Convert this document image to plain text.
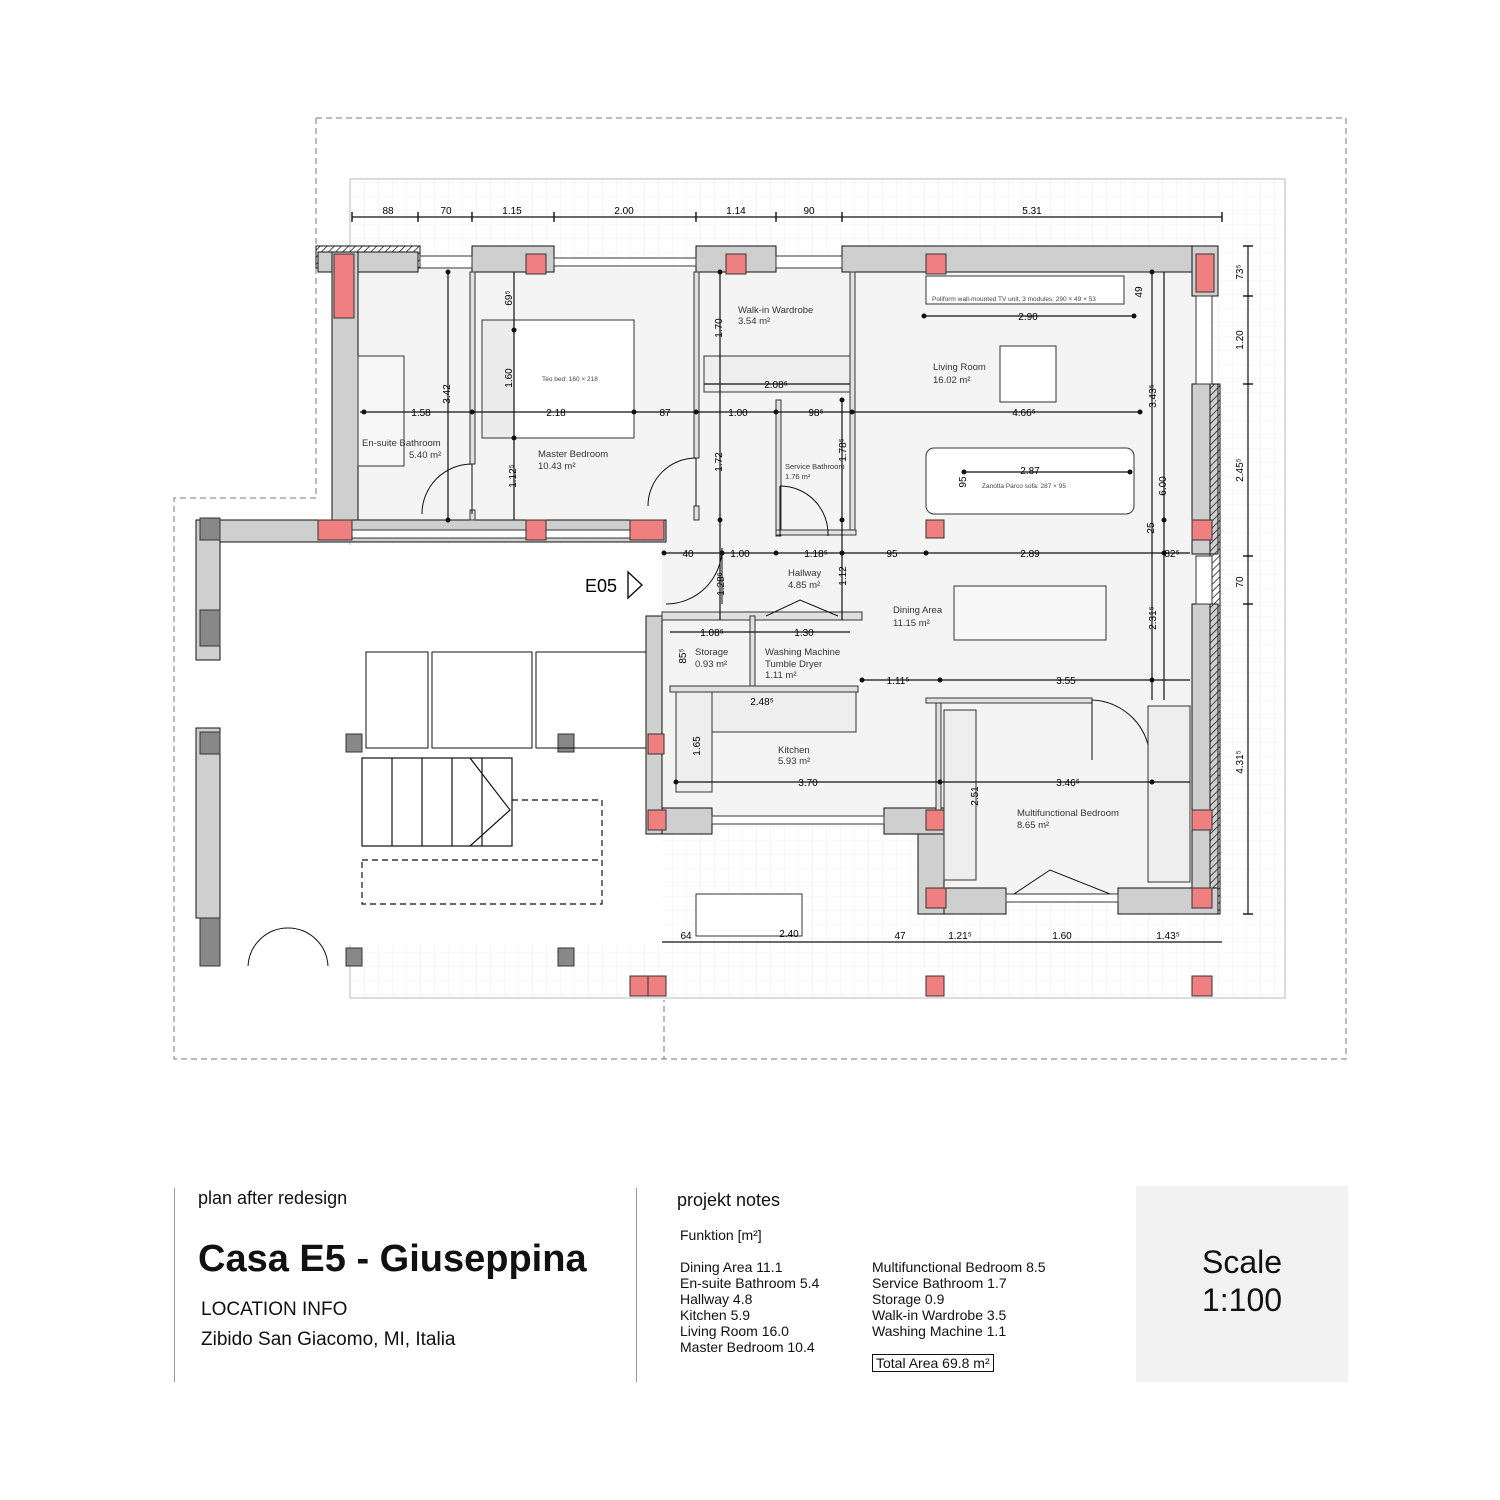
E05
88	70	1.15	2.00	1.14	90	5.31
73⁵
1.20
2.45⁵
70
4.31⁵
64	2.40	47	1.21⁵	1.60	1.43⁵
2.90
49
69⁵
1.60
3.42
1.58	2.18	87	1.00	98⁵	4.66⁵
1.70
2.08⁵
1.12⁵
1.72
1.78⁵
3.43⁵
6.00
2.87
95
25
40	1.00	1.18⁵	95	2.89	82⁵
1.12
1.28⁵
1.08⁵	1.30
85⁵
2.31⁵
1.11⁵	3.55
2.48⁵
1.65
3.70	3.46⁵
2.51
Poliform wall-mounted TV unit, 3 modules: 290 × 49 × 53
Teo bed: 160 × 218
Zanotta Parco sofa: 287 × 95
Walk-in Wardrobe
3.54 m²
Living Room
16.02 m²
Master Bedroom
10.43 m²
En-suite Bathroom
5.40 m²
Service Bathroom
1.76 m²
Hallway
4.85 m²
Dining Area
11.15 m²
Storage
0.93 m²
Washing Machine
Tumble Dryer
1.11 m²
Kitchen
5.93 m²
Multifunctional Bedroom
8.65 m²
plan after redesign
Casa E5 - Giuseppina
LOCATION INFO
Zibido San Giacomo, MI, Italia
projekt notes
Funktion [m²]
Dining Area 11.1
En-suite Bathroom 5.4
Hallway 4.8
Kitchen 5.9
Living Room 16.0
Master Bedroom 10.4
Multifunctional Bedroom 8.5
Service Bathroom 1.7
Storage 0.9
Walk-in Wardrobe 3.5
Washing Machine 1.1
Total Area 69.8 m²
Scale
1:100
